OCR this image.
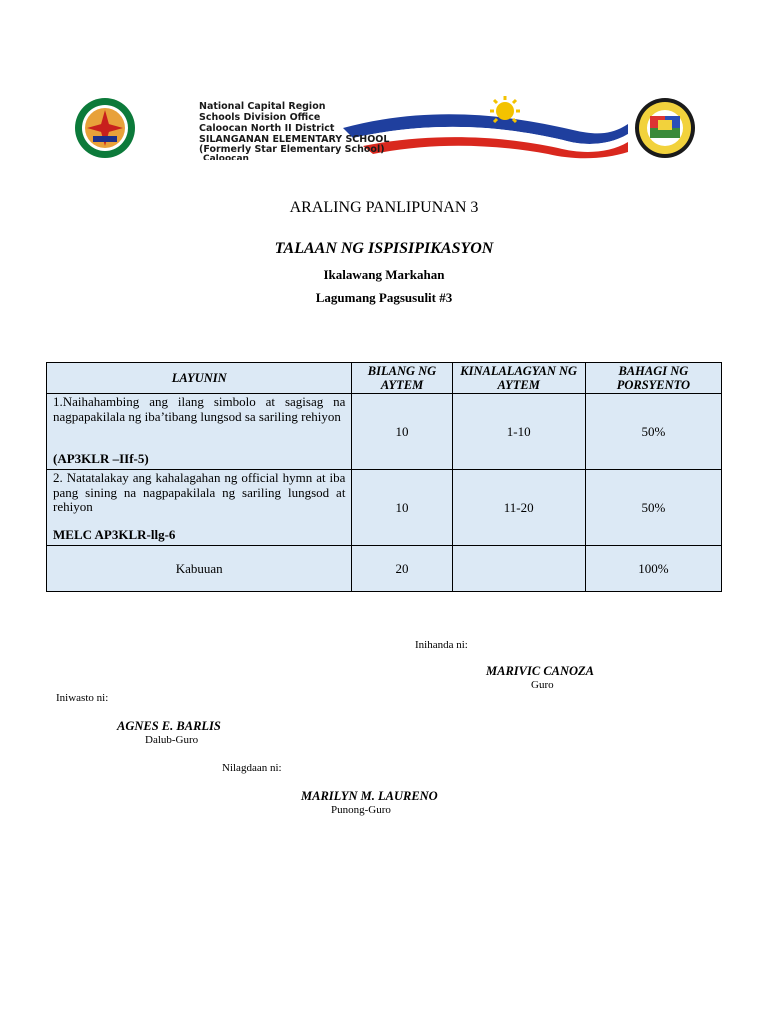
National Capital Region
Schools Division Office
Caloocan North II District
SILANGANAN ELEMENTARY SCHOOL
(Formerly Star Elementary School)
Caloocan
ARALING PANLIPUNAN 3
TALAAN NG ISPISIPIKASYON
Ikalawang Markahan
Lagumang Pagsusulit #3
LAYUNIN	BILANG NG AYTEM	KINALALAGYAN NG AYTEM	BAHAGI NG PORSYENTO
1.Naihahambing ang ilang simbolo at sagisag na nagpapakilala ng iba’tibang lungsod sa sariling rehiyon
(AP3KLR –IIf-5)	10	1-10	50%
2. Natatalakay ang kahalagahan ng official hymn at iba pang sining na nagpapakilala ng sariling lungsod at rehiyon
MELC AP3KLR-llg-6	10	11-20	50%
Kabuuan	20		100%
Inihanda ni:
MARIVIC CANOZA
Guro
Iniwasto ni:
AGNES E. BARLIS
Dalub-Guro
Nilagdaan ni:
MARILYN M. LAURENO
Punong-Guro
